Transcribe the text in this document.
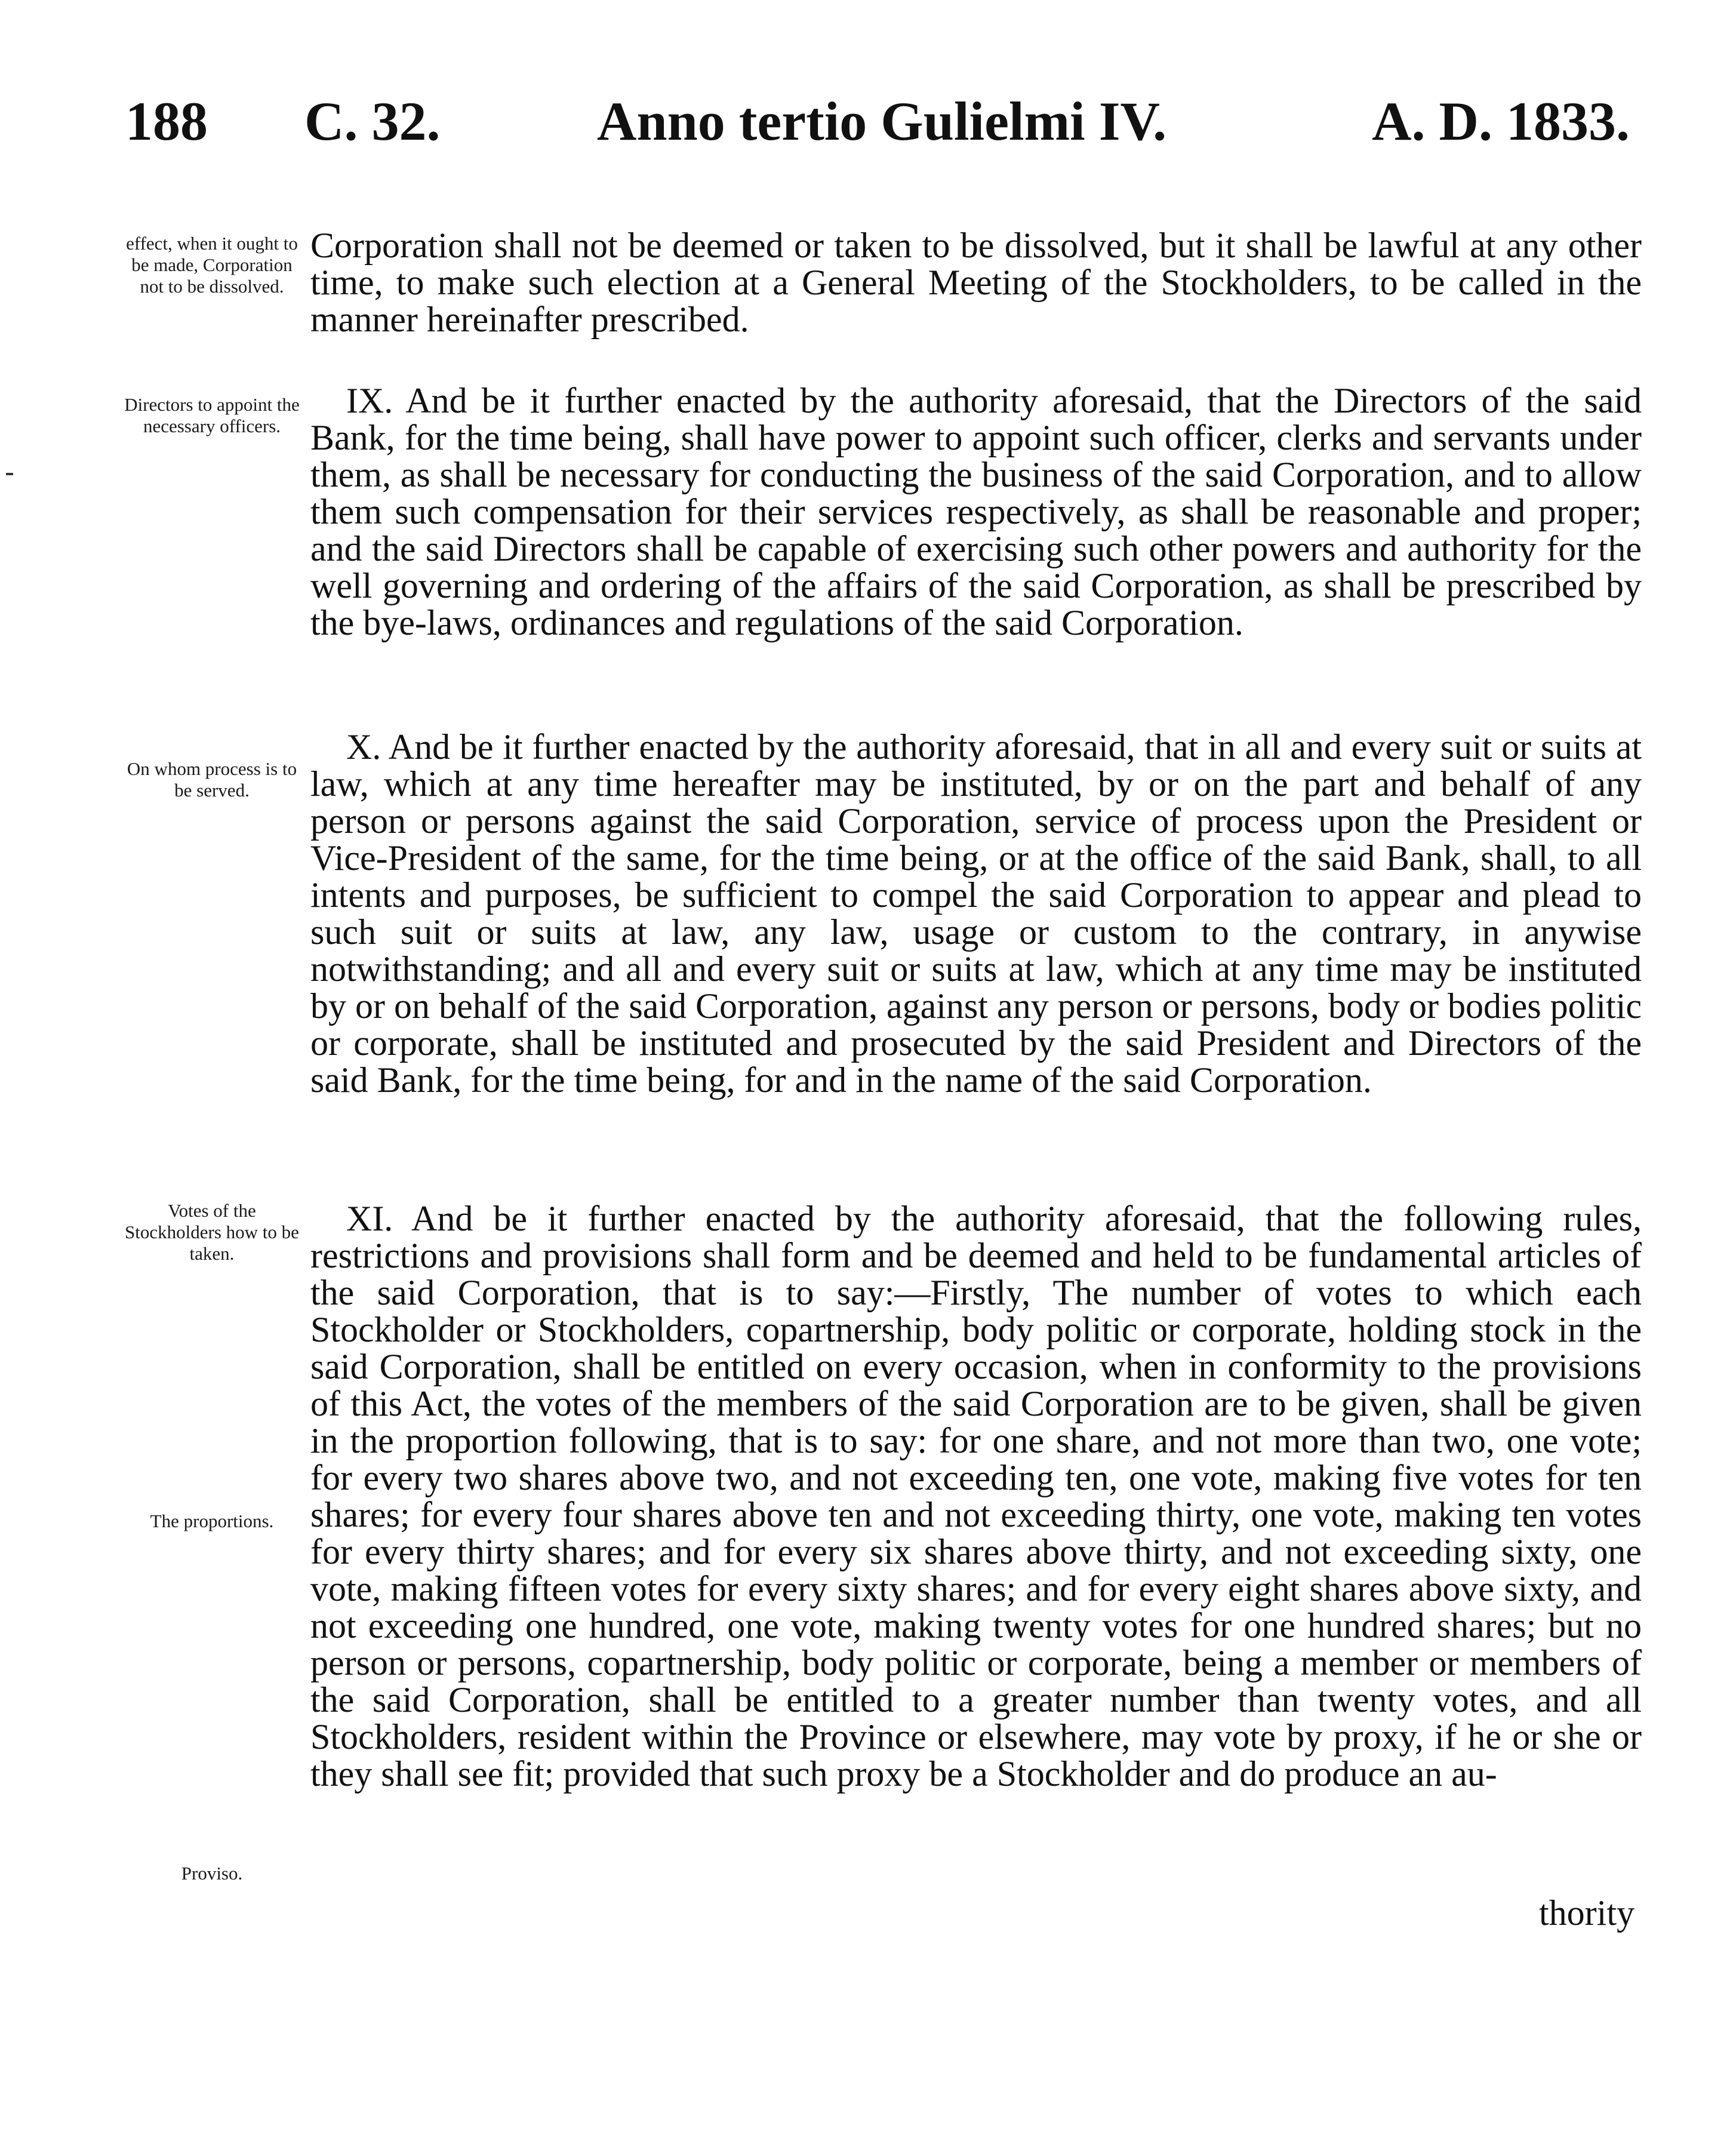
188 C. 32.	Anno tertio Gulielmi IV.	A. D. 1833.
effect, when it ought to be made, Corporation not to be dissolved.
Corporation shall not be deemed or taken to be dissolved, but it shall be lawful at any other time, to make such election at a General Meeting of the Stockholders, to be called in the manner hereinafter prescribed.
Directors to appoint the necessary officers.
IX. And be it further enacted by the authority aforesaid, that the Directors of the said Bank, for the time being, shall have power to appoint such officer, clerks and servants under them, as shall be necessary for conducting the business of the said Corporation, and to allow them such compensation for their services respectively, as shall be reasonable and proper; and the said Directors shall be capable of exercising such other powers and authority for the well governing and ordering of the affairs of the said Corporation, as shall be prescribed by the bye-laws, ordinances and regulations of the said Corporation.
On whom process is to be served.
X. And be it further enacted by the authority aforesaid, that in all and every suit or suits at law, which at any time hereafter may be instituted, by or on the part and behalf of any person or persons against the said Corporation, service of process upon the President or Vice-President of the same, for the time being, or at the office of the said Bank, shall, to all intents and purposes, be sufficient to compel the said Corporation to appear and plead to such suit or suits at law, any law, usage or custom to the contrary, in anywise notwithstanding; and all and every suit or suits at law, which at any time may be instituted by or on behalf of the said Corporation, against any person or persons, body or bodies politic or corporate, shall be instituted and prosecuted by the said President and Directors of the said Bank, for the time being, for and in the name of the said Corporation.
Votes of the Stockholders how to be taken.
The proportions.
Proviso.
XI. And be it further enacted by the authority aforesaid, that the following rules, restrictions and provisions shall form and be deemed and held to be fundamental articles of the said Corporation, that is to say:—Firstly, The number of votes to which each Stockholder or Stockholders, copartnership, body politic or corporate, holding stock in the said Corporation, shall be entitled on every occasion, when in conformity to the provisions of this Act, the votes of the members of the said Corporation are to be given, shall be given in the proportion following, that is to say: for one share, and not more than two, one vote; for every two shares above two, and not exceeding ten, one vote, making five votes for ten shares; for every four shares above ten and not exceeding thirty, one vote, making ten votes for every thirty shares; and for every six shares above thirty, and not exceeding sixty, one vote, making fifteen votes for every sixty shares; and for every eight shares above sixty, and not exceeding one hundred, one vote, making twenty votes for one hundred shares; but no person or persons, copartnership, body politic or corporate, being a member or members of the said Corporation, shall be entitled to a greater number than twenty votes, and all Stockholders, resident within the Province or elsewhere, may vote by proxy, if he or she or they shall see fit; provided that such proxy be a Stockholder and do produce an au-
thority
